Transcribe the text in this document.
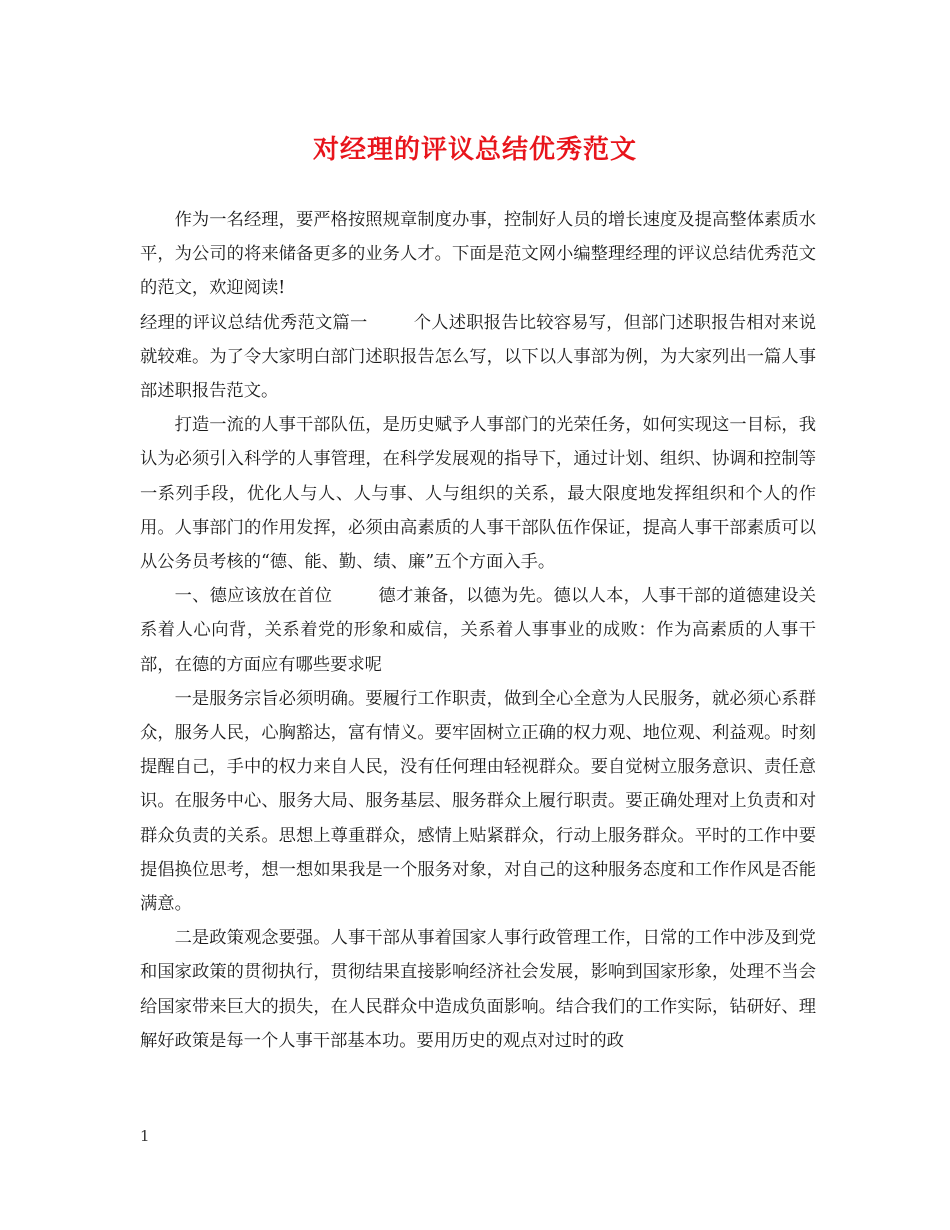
对经理的评议总结优秀范文

作为一名经理，要严格按照规章制度办事，控制好人员的增长速度及提高整体素质水平，为公司的将来储备更多的业务人才。下面是范文网小编整理经理的评议总结优秀范文的范文，欢迎阅读!

经理的评议总结优秀范文篇一	个人述职报告比较容易写，但部门述职报告相对来说就较难。为了令大家明白部门述职报告怎么写，以下以人事部为例，为大家列出一篇人事部述职报告范文。

打造一流的人事干部队伍，是历史赋予人事部门的光荣任务，如何实现这一目标，我认为必须引入科学的人事管理，在科学发展观的指导下，通过计划、组织、协调和控制等一系列手段，优化人与人、人与事、人与组织的关系，最大限度地发挥组织和个人的作用。人事部门的作用发挥，必须由高素质的人事干部队伍作保证，提高人事干部素质可以从公务员考核的“德、能、勤、绩、廉”五个方面入手。

一、德应该放在首位	德才兼备，以德为先。德以人本，人事干部的道德建设关系着人心向背，关系着党的形象和威信，关系着人事事业的成败：作为高素质的人事干部，在德的方面应有哪些要求呢

一是服务宗旨必须明确。要履行工作职责，做到全心全意为人民服务，就必须心系群众，服务人民，心胸豁达，富有情义。要牢固树立正确的权力观、地位观、利益观。时刻提醒自己，手中的权力来自人民，没有任何理由轻视群众。要自觉树立服务意识、责任意识。在服务中心、服务大局、服务基层、服务群众上履行职责。要正确处理对上负责和对群众负责的关系。思想上尊重群众，感情上贴紧群众，行动上服务群众。平时的工作中要提倡换位思考，想一想如果我是一个服务对象，对自己的这种服务态度和工作作风是否能满意。

二是政策观念要强。人事干部从事着国家人事行政管理工作，日常的工作中涉及到党和国家政策的贯彻执行，贯彻结果直接影响经济社会发展，影响到国家形象，处理不当会给国家带来巨大的损失，在人民群众中造成负面影响。结合我们的工作实际，钻研好、理解好政策是每一个人事干部基本功。要用历史的观点对过时的政

1
